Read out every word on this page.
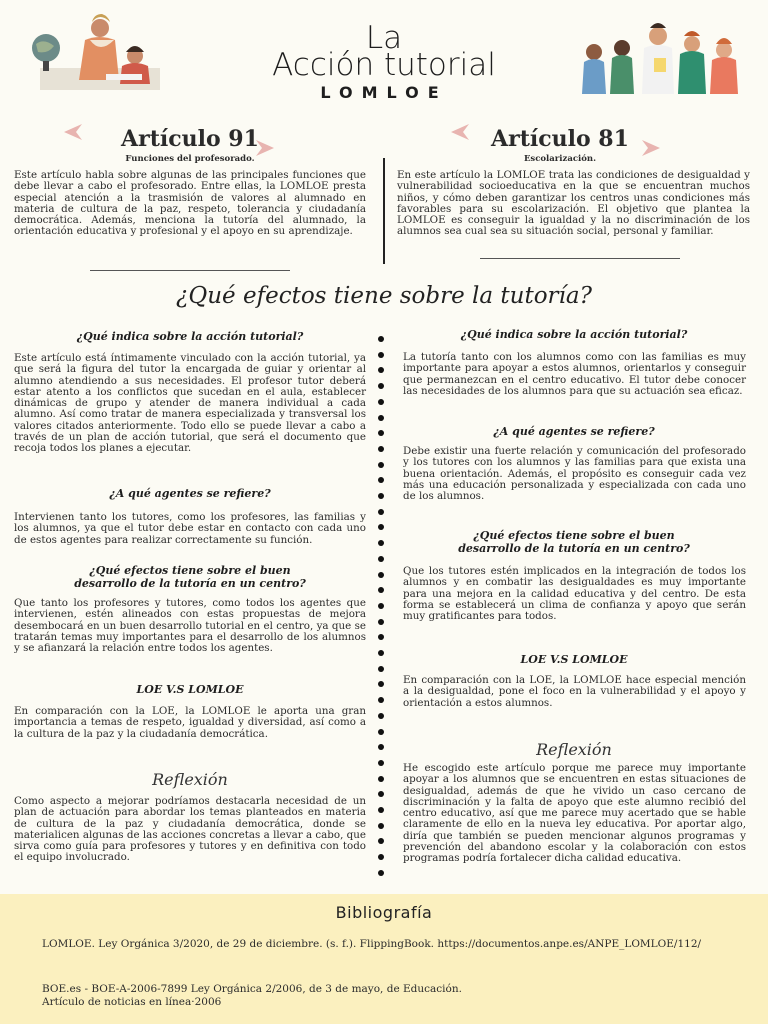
La
Acción tutorial
LOMLOE
Artículo 91
Funciones del profesorado.
Este artículo habla sobre algunas de las principales funciones que debe llevar a cabo el profesorado. Entre ellas, la LOMLOE presta especial atención a la trasmisión de valores al alumnado en materia de cultura de la paz, respeto, tolerancia y ciudadanía democrática. Además, menciona la tutoría del alumnado, la orientación educativa y profesional y el apoyo en su aprendizaje.
Artículo 81
Escolarización.
En este artículo la LOMLOE trata las condiciones de desigualdad y vulnerabilidad socioeducativa en la que se encuentran muchos niños, y cómo deben garantizar los centros unas condiciones más favorables para su escolarización. El objetivo que plantea la LOMLOE es conseguir la igualdad y la no discriminación de los alumnos sea cual sea su situación social, personal y familiar.
¿Qué efectos tiene sobre la tutoría?
¿Qué indica sobre la acción tutorial?
Este artículo está íntimamente vinculado con la acción tutorial, ya que será la figura del tutor la encargada de guiar y orientar al alumno atendiendo a sus necesidades. El profesor tutor deberá estar atento a los conflictos que sucedan en el aula, establecer dinámicas de grupo y atender de manera individual a cada alumno. Así como tratar de manera especializada y transversal los valores citados anteriormente. Todo ello se puede llevar a cabo a través de un plan de acción tutorial, que será el documento que recoja todos los planes a ejecutar.
¿A qué agentes se refiere?
Intervienen tanto los tutores, como los profesores, las familias y los alumnos, ya que el tutor debe estar en contacto con cada uno de estos agentes para realizar correctamente su función.
¿Qué efectos tiene sobre el buen
desarrollo de la tutoría en un centro?
Que tanto los profesores y tutores, como todos los agentes que intervienen, estén alineados con estas propuestas de mejora desembocará en un buen desarrollo tutorial en el centro, ya que se tratarán temas muy importantes para el desarrollo de los alumnos y se afianzará la relación entre todos los agentes.
LOE V.S LOMLOE
En comparación con la LOE, la LOMLOE le aporta una gran importancia a temas de respeto, igualdad y diversidad, así como a la cultura de la paz y la ciudadanía democrática.
Reflexión
Como aspecto a mejorar podríamos destacarla necesidad de un plan de actuación para abordar los temas planteados en materia de cultura de la paz y ciudadanía democrática, donde se materialicen algunas de las acciones concretas a llevar a cabo, que sirva como guía para profesores y tutores y en definitiva con todo el equipo involucrado.
¿Qué indica sobre la acción tutorial?
La tutoría tanto con los alumnos como con las familias es muy importante para apoyar a estos alumnos, orientarlos y conseguir que permanezcan en el centro educativo. El tutor debe conocer las necesidades de los alumnos para que su actuación sea eficaz.
¿A qué agentes se refiere?
Debe existir una fuerte relación y comunicación del profesorado y los tutores con los alumnos y las familias para que exista una buena orientación. Además, el propósito es conseguir cada vez más una educación personalizada y especializada con cada uno de los alumnos.
¿Qué efectos tiene sobre el buen
desarrollo de la tutoría en un centro?
Que los tutores estén implicados en la integración de todos los alumnos y en combatir las desigualdades es muy importante para una mejora en la calidad educativa y del centro. De esta forma se establecerá un clima de confianza y apoyo que serán muy gratificantes para todos.
LOE V.S LOMLOE
En comparación con la LOE, la LOMLOE hace especial mención a la desigualdad, pone el foco en la vulnerabilidad y el apoyo y orientación a estos alumnos.
Reflexión
He escogido este artículo porque me parece muy importante apoyar a los alumnos que se encuentren en estas situaciones de desigualdad, además de que he vivido un caso cercano de discriminación y la falta de apoyo que este alumno recibió del centro educativo, así que me parece muy acertado que se hable claramente de ello en la nueva ley educativa. Por aportar algo, diría que también se pueden mencionar algunos programas y prevención del abandono escolar y la colaboración con estos programas podría fortalecer dicha calidad educativa.
Bibliografía
LOMLOE. Ley Orgánica 3/2020, de 29 de diciembre. (s. f.). FlippingBook. https://documentos.anpe.es/ANPE_LOMLOE/112/
BOE.es - BOE-A-2006-7899 Ley Orgánica 2/2006, de 3 de mayo, de Educación.
Artículo de noticias en línea·2006
